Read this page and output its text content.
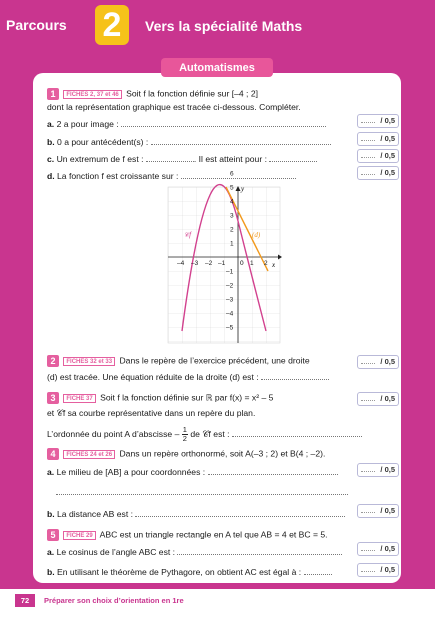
Parcours 2	Vers la spécialité Maths
Automatismes
1 FICHES 2, 37 et 46 Soit f la fonction définie sur [–4 ; 2]
dont la représentation graphique est tracée ci-dessous. Compléter.
a. 2 a pour image :	/ 0,5
b. 0 a pour antécédent(s) :	/ 0,5
c. Un extremum de f est :	. Il est atteint pour :	/ 0,5
d. La fonction f est croissante sur :	/ 0,5
y
x
𝒞f	(d)
0
–4 –3 –2 –1	1 2
6
5
4
3
2
1
–1
–2
–3
–4
–5
2 FICHES 32 et 33 Dans le repère de l’exercice précédent, une droite
(d) est tracée. Une équation réduite de la droite (d) est :
/ 0,5
3 FICHE 37 Soit f la fonction définie sur ℝ par f(x) = x² – 5	/ 0,5
et 𝒞f sa courbe représentative dans un repère du plan.
L’ordonnée du point A d’abscisse – $\frac{1}{2}$ de 𝒞f est :
4 FICHES 24 et 26 Dans un repère orthonormé, soit A(–3 ; 2) et B(4 ; –2).
a. Le milieu de [AB] a pour coordonnées :	/ 0,5
b. La distance AB est :	/ 0,5
5 FICHE 29 ABC est un triangle rectangle en A tel que AB = 4 et BC = 5.
a. Le cosinus de l’angle ABC est :	/ 0,5
b. En utilisant le théorème de Pythagore, on obtient AC est égal à :	/ 0,5
72	Préparer son choix d’orientation en 1re
